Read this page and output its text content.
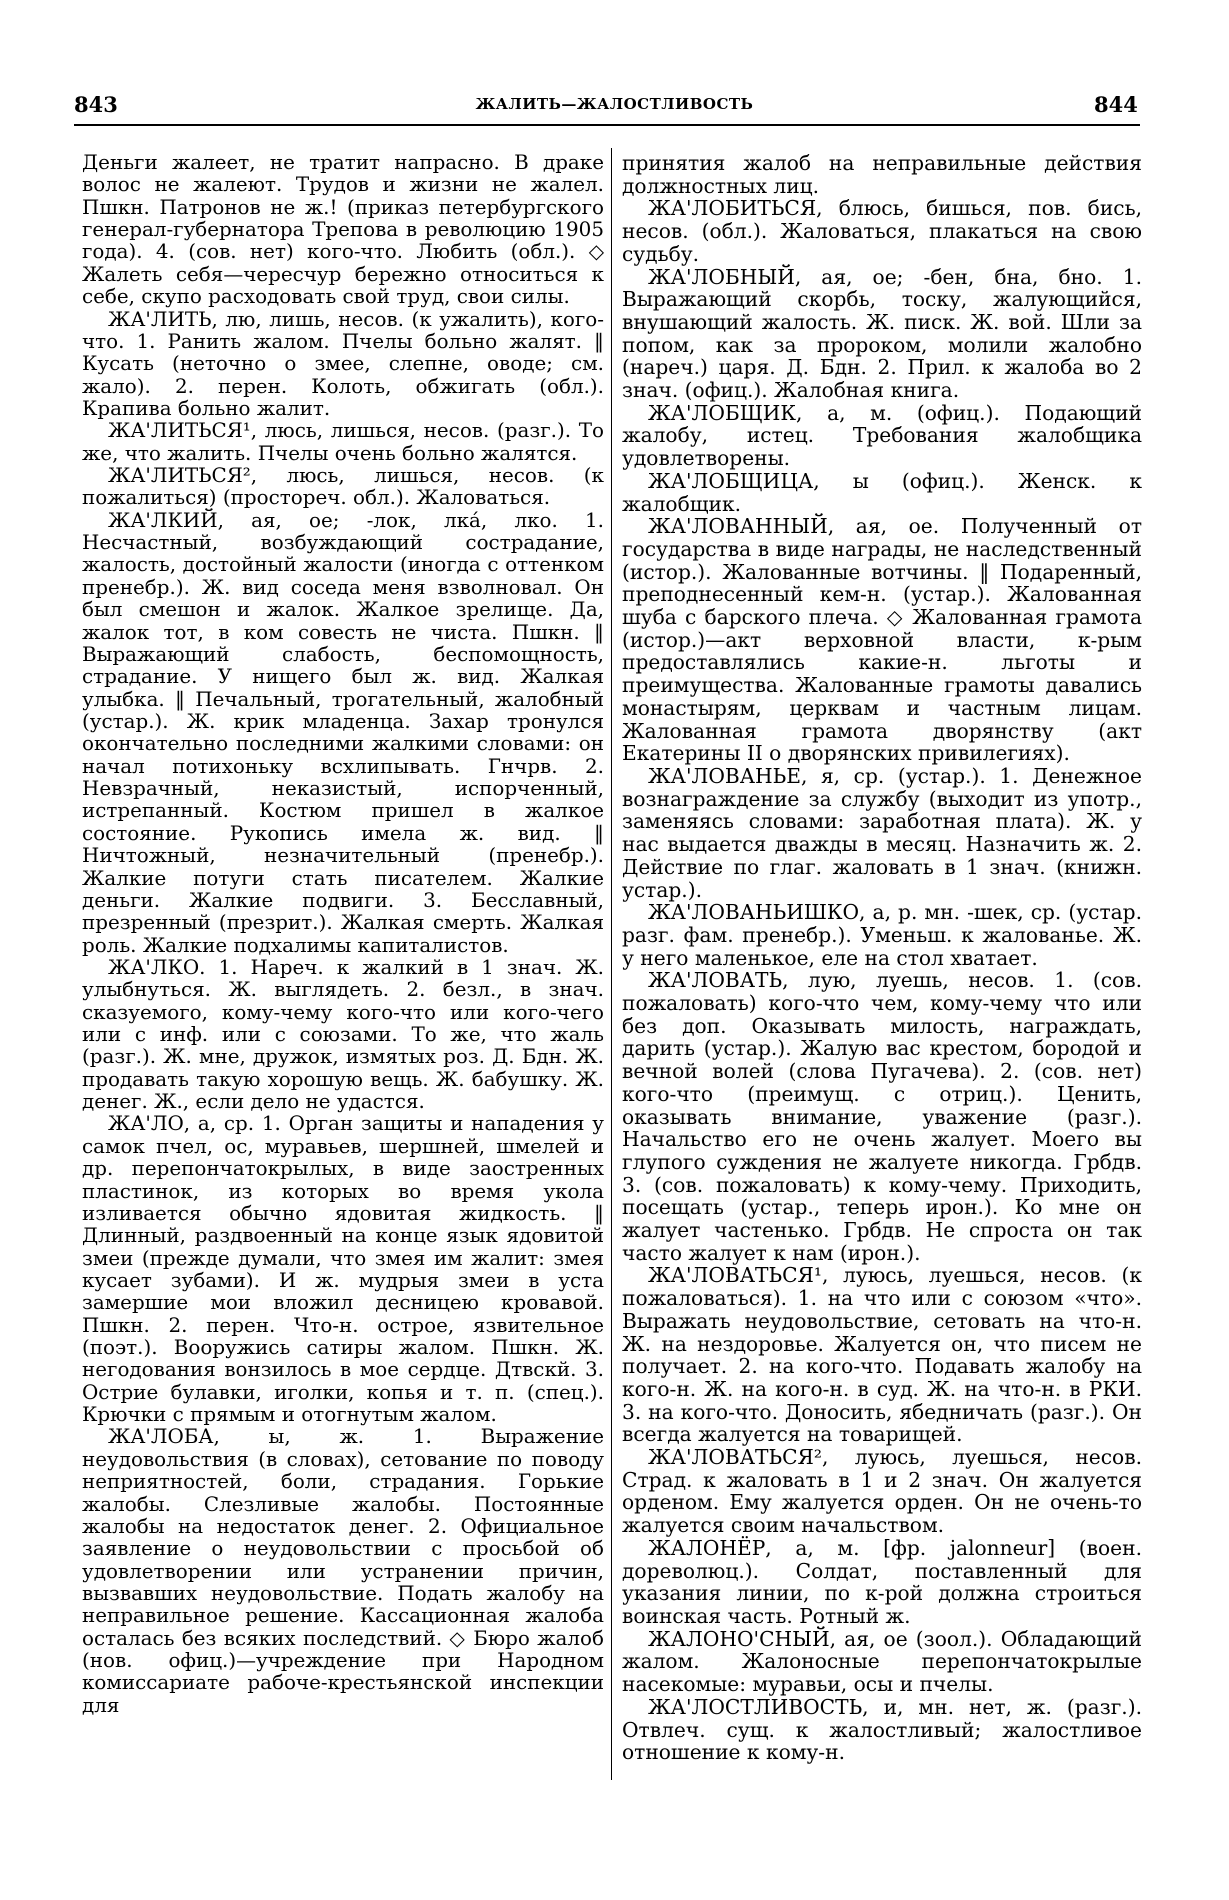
843	ЖАЛИТЬ—ЖАЛОСТЛИВОСТЬ	844

Деньги жалеет, не тратит напрасно. В драке волос не жалеют. Трудов и жизни не жалел. Пшкн. Патронов не ж.! (приказ петербургского генерал-губернатора Трепова в революцию 1905 года). 4. (сов. нет) кого-что. Любить (обл.). ◇ Жалеть себя—чересчур бережно относиться к себе, скупо расходовать свой труд, свои силы.

ЖА'ЛИТЬ, лю, лишь, несов. (к ужалить), кого-что. 1. Ранить жалом. Пчелы больно жалят. ‖ Кусать (неточно о змее, слепне, оводе; см. жало). 2. перен. Колоть, обжигать (обл.). Крапива больно жалит.

ЖА'ЛИТЬСЯ¹, люсь, лишься, несов. (разг.). То же, что жалить. Пчелы очень больно жалятся.

ЖА'ЛИТЬСЯ², люсь, лишься, несов. (к пожалиться) (простореч. обл.). Жаловаться.

ЖА'ЛКИЙ, ая, ое; -лок, лка́, лко. 1. Несчастный, возбуждающий сострадание, жалость, достойный жалости (иногда с оттенком пренебр.). Ж. вид соседа меня взволновал. Он был смешон и жалок. Жалкое зрелище. Да, жалок тот, в ком совесть не чиста. Пшкн. ‖ Выражающий слабость, беспомощность, страдание. У нищего был ж. вид. Жалкая улыбка. ‖ Печальный, трогательный, жалобный (устар.). Ж. крик младенца. Захар тронулся окончательно последними жалкими словами: он начал потихоньку всхлипывать. Гнчрв. 2. Невзрачный, неказистый, испорченный, истрепанный. Костюм пришел в жалкое состояние. Рукопись имела ж. вид. ‖ Ничтожный, незначительный (пренебр.). Жалкие потуги стать писателем. Жалкие деньги. Жалкие подвиги. 3. Бесславный, презренный (презрит.). Жалкая смерть. Жалкая роль. Жалкие подхалимы капиталистов.

ЖА'ЛКО. 1. Нареч. к жалкий в 1 знач. Ж. улыбнуться. Ж. выглядеть. 2. безл., в знач. сказуемого, кому-чему кого-что или кого-чего или с инф. или с союзами. То же, что жаль (разг.). Ж. мне, дружок, измятых роз. Д. Бдн. Ж. продавать такую хорошую вещь. Ж. бабушку. Ж. денег. Ж., если дело не удастся.

ЖА'ЛО, а, ср. 1. Орган защиты и нападения у самок пчел, ос, муравьев, шершней, шмелей и др. перепончатокрылых, в виде заостренных пластинок, из которых во время укола изливается обычно ядовитая жидкость. ‖ Длинный, раздвоенный на конце язык ядовитой змеи (прежде думали, что змея им жалит: змея кусает зубами). И ж. мудрыя змеи в уста замершие мои вложил десницею кровавой. Пшкн. 2. перен. Что-н. острое, язвительное (поэт.). Вооружись сатиры жалом. Пшкн. Ж. негодования вонзилось в мое сердце. Дтвскй. 3. Острие булавки, иголки, копья и т. п. (спец.). Крючки с прямым и отогнутым жалом.

ЖА'ЛОБА, ы, ж. 1. Выражение неудовольствия (в словах), сетование по поводу неприятностей, боли, страдания. Горькие жалобы. Слезливые жалобы. Постоянные жалобы на недостаток денег. 2. Официальное заявление о неудовольствии с просьбой об удовлетворении или устранении причин, вызвавших неудовольствие. Подать жалобу на неправильное решение. Кассационная жалоба осталась без всяких последствий. ◇ Бюро жалоб (нов. офиц.)—учреждение при Народном комиссариате рабоче-крестьянской инспекции для

принятия жалоб на неправильные действия должностных лиц.

ЖА'ЛОБИТЬСЯ, блюсь, бишься, пов. бись, несов. (обл.). Жаловаться, плакаться на свою судьбу.

ЖА'ЛОБНЫЙ, ая, ое; -бен, бна, бно. 1. Выражающий скорбь, тоску, жалующийся, внушающий жалость. Ж. писк. Ж. вой. Шли за попом, как за пророком, молили жалобно (нареч.) царя. Д. Бдн. 2. Прил. к жалоба во 2 знач. (офиц.). Жалобная книга.

ЖА'ЛОБЩИК, а, м. (офиц.). Подающий жалобу, истец. Требования жалобщика удовлетворены.

ЖА'ЛОБЩИЦА, ы (офиц.). Женск. к жалобщик.

ЖА'ЛОВАННЫЙ, ая, ое. Полученный от государства в виде награды, не наследственный (истор.). Жалованные вотчины. ‖ Подаренный, преподнесенный кем-н. (устар.). Жалованная шуба с барского плеча. ◇ Жалованная грамота (истор.)—акт верховной власти, к-рым предоставлялись какие-н. льготы и преимущества. Жалованные грамоты давались монастырям, церквам и частным лицам. Жалованная грамота дворянству (акт Екатерины II о дворянских привилегиях).

ЖА'ЛОВАНЬЕ, я, ср. (устар.). 1. Денежное вознаграждение за службу (выходит из употр., заменяясь словами: заработная плата). Ж. у нас выдается дважды в месяц. Назначить ж. 2. Действие по глаг. жаловать в 1 знач. (книжн. устар.).

ЖА'ЛОВАНЬИШКО, а, р. мн. -шек, ср. (устар. разг. фам. пренебр.). Уменьш. к жалованье. Ж. у него маленькое, еле на стол хватает.

ЖА'ЛОВАТЬ, лую, луешь, несов. 1. (сов. пожаловать) кого-что чем, кому-чему что или без доп. Оказывать милость, награждать, дарить (устар.). Жалую вас крестом, бородой и вечной волей (слова Пугачева). 2. (сов. нет) кого-что (преимущ. с отриц.). Ценить, оказывать внимание, уважение (разг.). Начальство его не очень жалует. Моего вы глупого суждения не жалуете никогда. Грбдв. 3. (сов. пожаловать) к кому-чему. Приходить, посещать (устар., теперь ирон.). Ко мне он жалует частенько. Грбдв. Не спроста он так часто жалует к нам (ирон.).

ЖА'ЛОВАТЬСЯ¹, луюсь, луешься, несов. (к пожаловаться). 1. на что или с союзом «что». Выражать неудовольствие, сетовать на что-н. Ж. на нездоровье. Жалуется он, что писем не получает. 2. на кого-что. Подавать жалобу на кого-н. Ж. на кого-н. в суд. Ж. на что-н. в РКИ. 3. на кого-что. Доносить, ябедничать (разг.). Он всегда жалуется на товарищей.

ЖА'ЛОВАТЬСЯ², луюсь, луешься, несов. Страд. к жаловать в 1 и 2 знач. Он жалуется орденом. Ему жалуется орден. Он не очень-то жалуется своим начальством.

ЖАЛОНЁР, а, м. [фр. jalonneur] (воен. дореволюц.). Солдат, поставленный для указания линии, по к-рой должна строиться воинская часть. Ротный ж.

ЖАЛОНО'СНЫЙ, ая, ое (зоол.). Обладающий жалом. Жалоносные перепончатокрылые насекомые: муравьи, осы и пчелы.

ЖА'ЛОСТЛИВОСТЬ, и, мн. нет, ж. (разг.). Отвлеч. сущ. к жалостливый; жалостливое отношение к кому-н.
